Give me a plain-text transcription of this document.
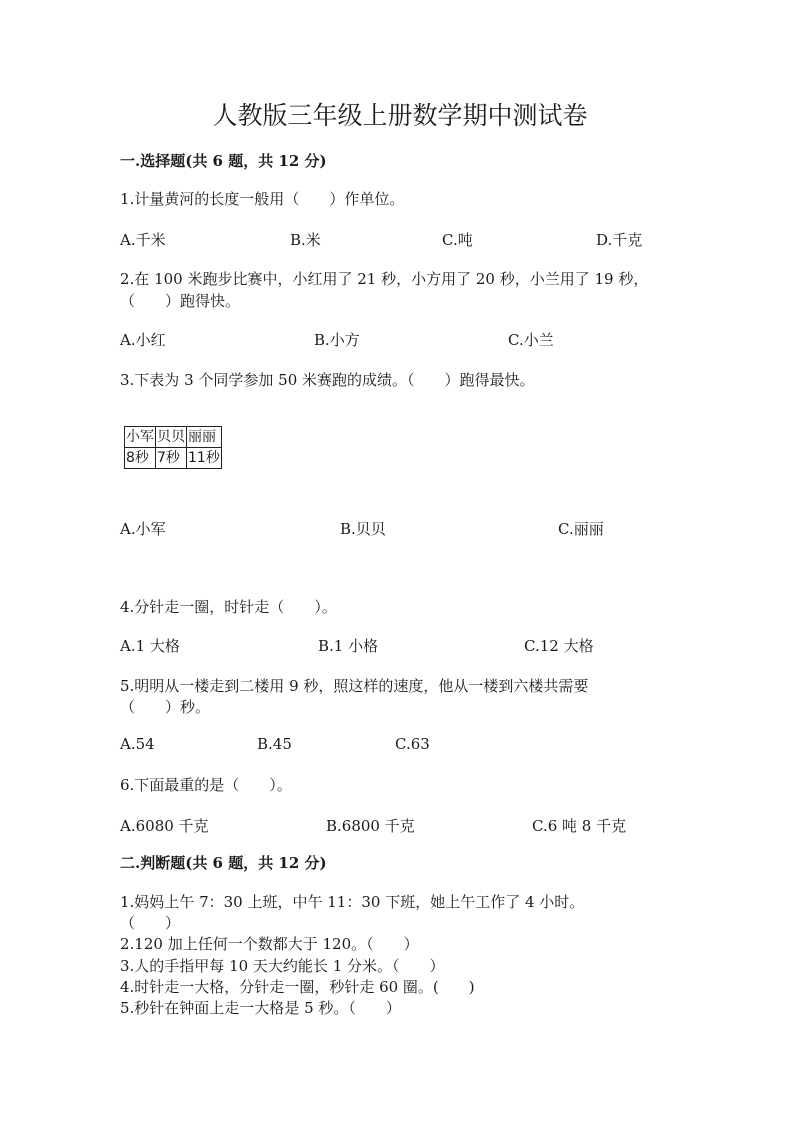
人教版三年级上册数学期中测试卷
一.选择题(共 6 题，共 12 分)
1.计量黄河的长度一般用（　　）作单位。
A.千米	B.米	C.吨	D.千克
2.在 100 米跑步比赛中，小红用了 21 秒，小方用了 20 秒，小兰用了 19 秒，
（　　）跑得快。
A.小红	B.小方	C.小兰
3.下表为 3 个同学参加 50 米赛跑的成绩。（　　）跑得最快。
小军	贝贝	丽丽
8秒	7秒	11秒
A.小军	B.贝贝	C.丽丽
4.分针走一圈，时针走（　　）。
A.1 大格	B.1 小格	C.12 大格
5.明明从一楼走到二楼用 9 秒，照这样的速度，他从一楼到六楼共需要
（　　）秒。
A.54	B.45	C.63
6.下面最重的是（　　）。
A.6080 千克	B.6800 千克	C.6 吨 8 千克
二.判断题(共 6 题，共 12 分)
1.妈妈上午 7：30 上班，中午 11：30 下班，她上午工作了 4 小时。
（　　）
2.120 加上任何一个数都大于 120。（　　）
3.人的手指甲每 10 天大约能长 1 分米。（　　）
4.时针走一大格，分针走一圈，秒针走 60 圈。(　　)
5.秒针在钟面上走一大格是 5 秒。（　　）
